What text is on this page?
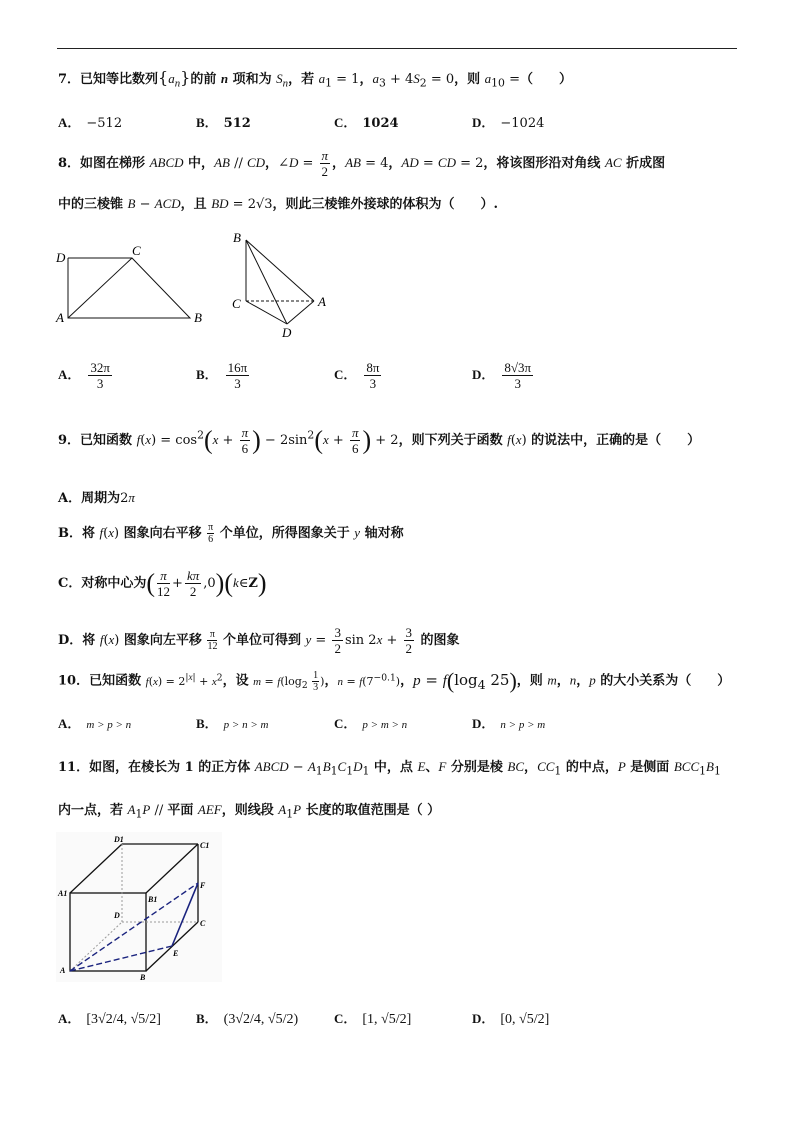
7．已知等比数列$\{a_n\}$的前 n 项和为 $S_n$，若 $a_1 = 1$，$a_3 + 4S_2 = 0$，则 $a_{10}$ =（　　）
A． −512	B． 512	C． 1024	D． −1024
8．如图在梯形 ABCD 中，AB // CD，∠D = $\frac{\pi}{2}$ ，AB = 4，AD = CD = 2，将该图形沿对角线 AC 折成图
中的三棱锥 B − ACD，且 BD = 2√3，则此三棱锥外接球的体积为（　　）.
D	C
A	B
B
C	A
D
A． $\frac{32\pi}{3}$	B． $\frac{16\pi}{3}$	C． $\frac{8\pi}{3}$	D． $\frac{8√3\pi}{3}$
9．已知函数 $f(x) = \cos^2(x + \frac{\pi}{6}$ ) − $2\sin^2(x + \frac{\pi}{6}$ ) + 2，则下列关于函数 f(x) 的说法中，正确的是（　　）
A．周期为2π
B．将 f(x) 图象向右平移 $\frac{\pi}{6}$ 个单位，所得图象关于 y 轴对称
C．对称中心为( $\frac{\pi}{12} + \frac{k\pi}{2}$ ,0)(k∈Z)
D．将 f(x) 图象向左平移 $\frac{\pi}{12}$ 个单位可得到 $y = \frac{3}{2}$ $\sin 2x + \frac{3}{2}$ 的图象
10．已知函数 $f(x) = 2^{|x|} + x^2$，设 $m = f(\log_2 \frac{1}{3}$ )，$n = f(7^{-0.1})$，$p = f(\log_4$ 25)，则 m，n，p 的大小关系为（　　）
A． m > p > n	B． p > n > m	C． p > m > n	D． n > p > m
11．如图，在棱长为 1 的正方体 ABCD − $A_1B_1C_1D_1$ 中，点 E、F 分别是棱 BC，$CC_1$ 的中点，P 是侧面 $BCC_1B_1$
内一点，若 $A_1P$ // 平面 AEF，则线段 $A_1P$ 长度的取值范围是（ ）
D1
C1
A1
B1
F
D
C
E
A
B
A． [3√2/4, √5/2]	B． (3√2/4, √5/2)	C． [1, √5/2]	D． [0, √5/2]
